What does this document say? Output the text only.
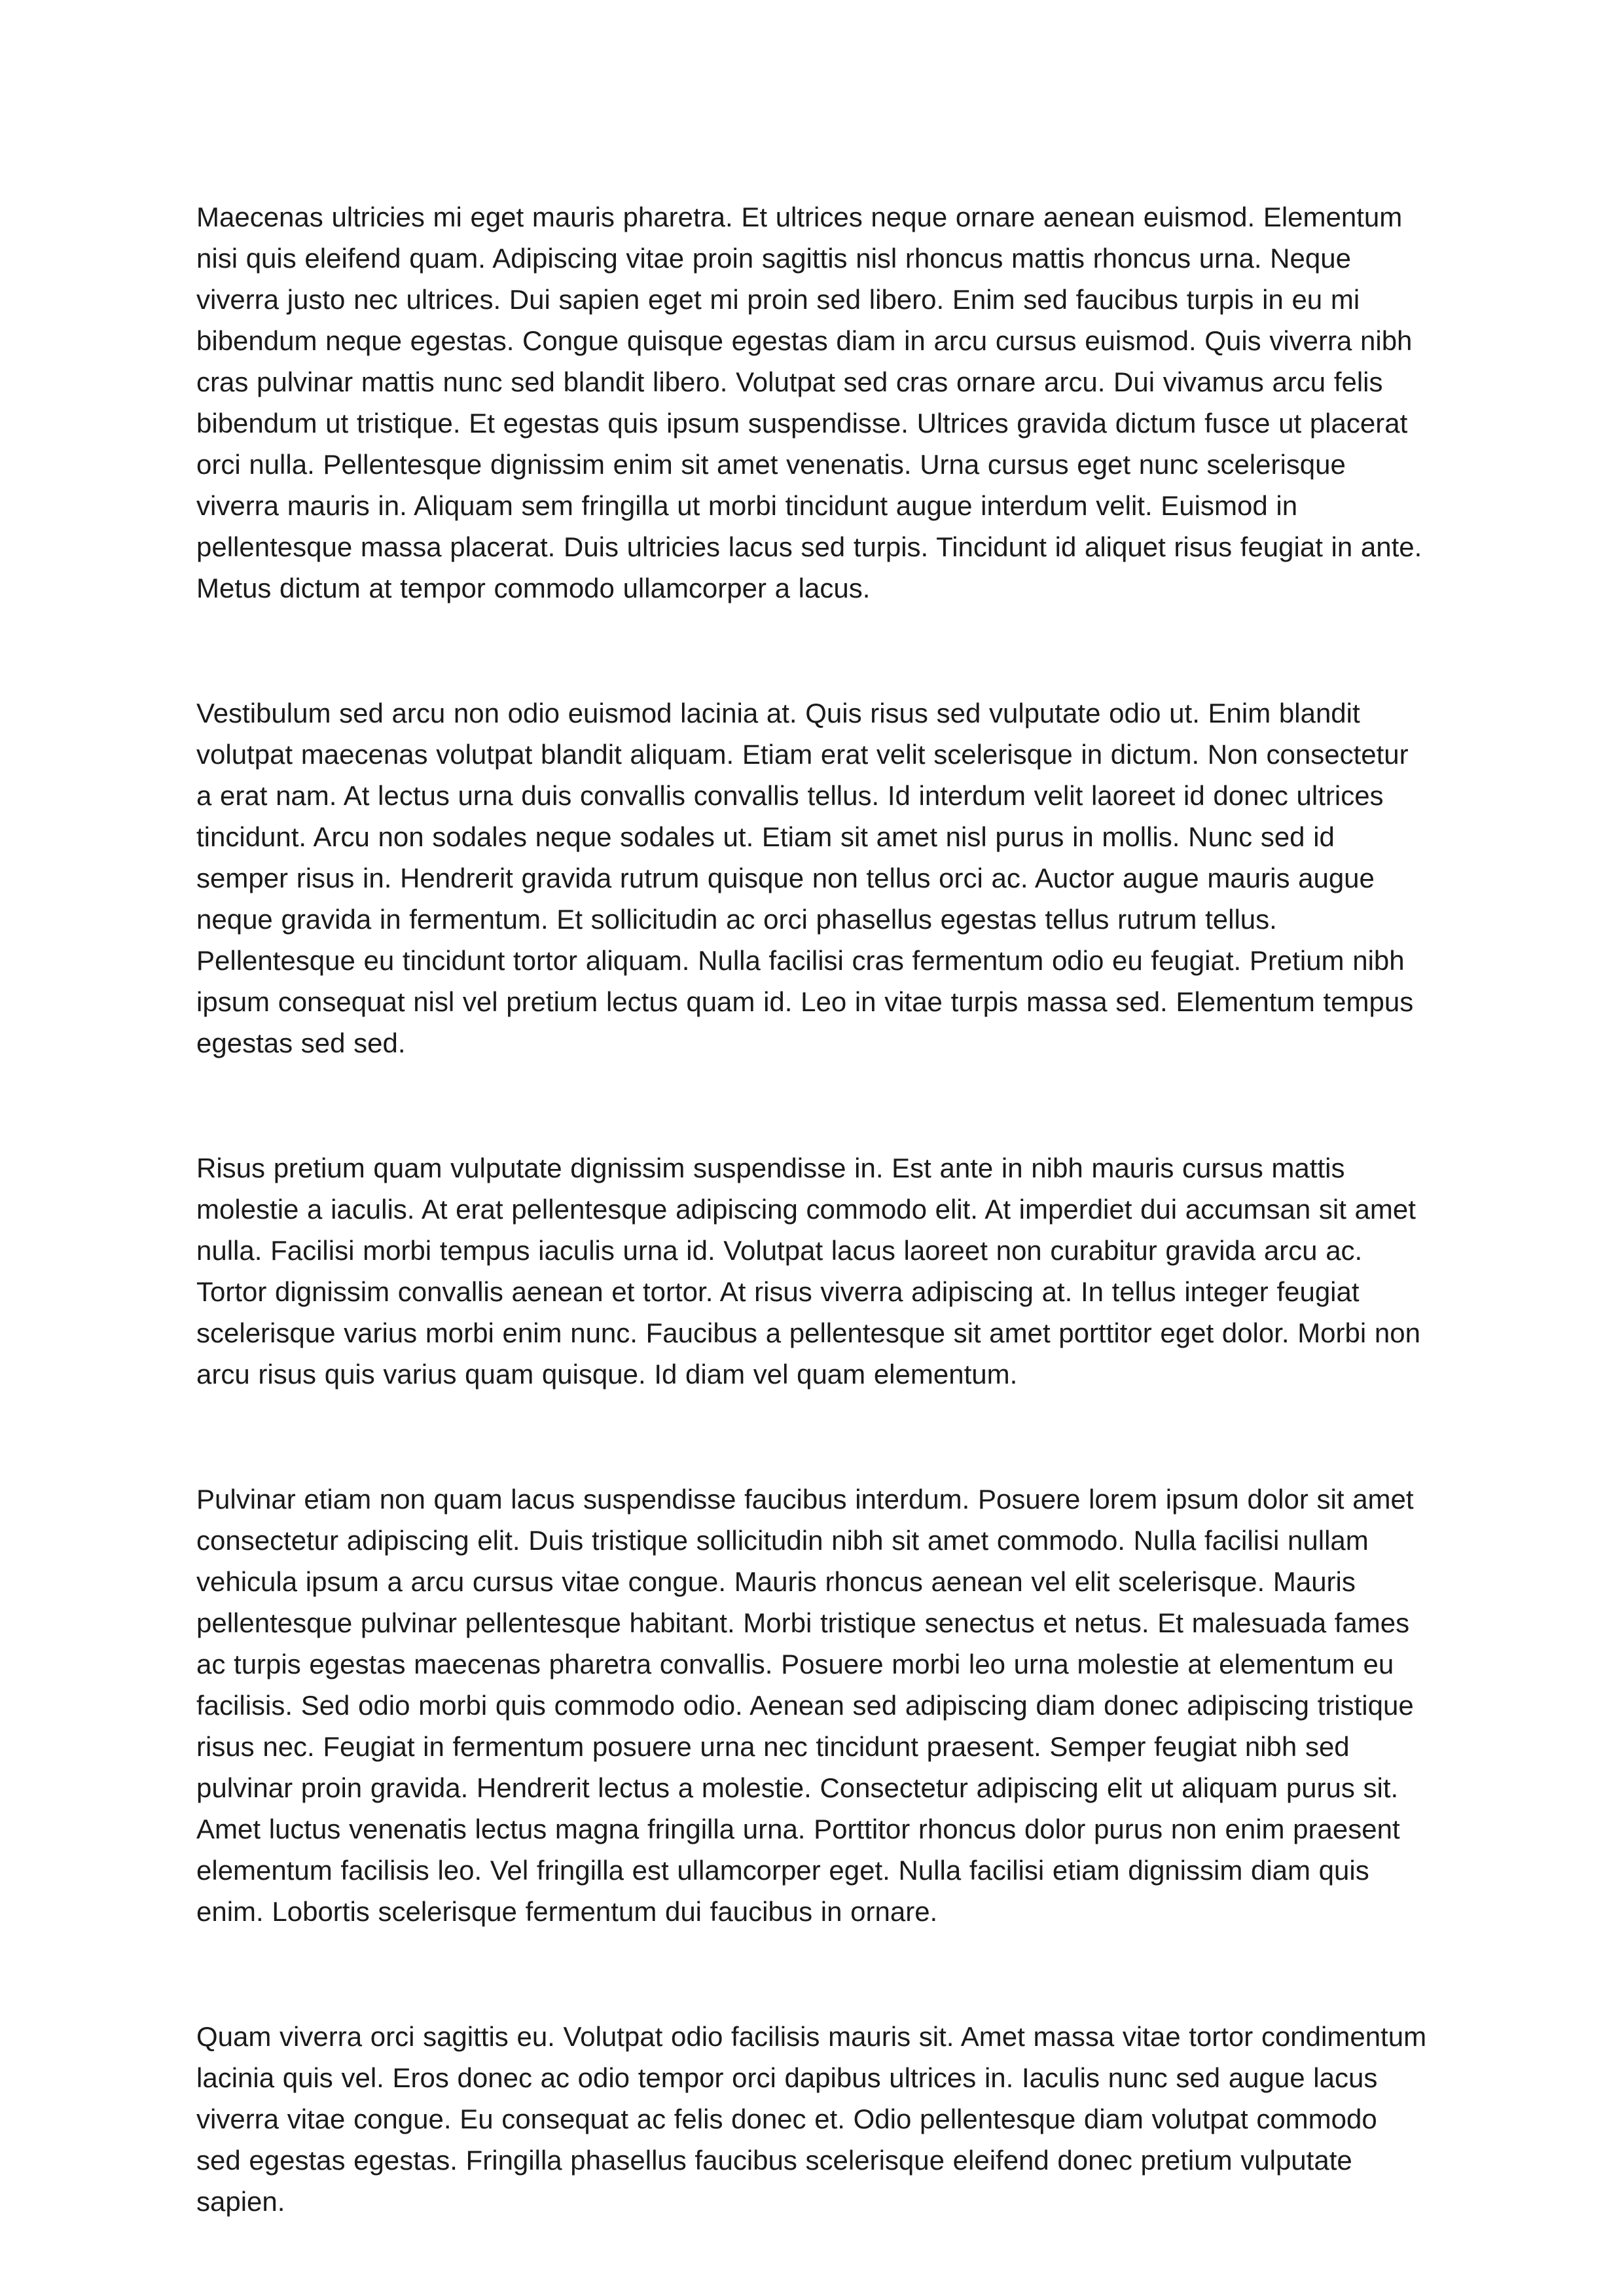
Maecenas ultricies mi eget mauris pharetra. Et ultrices neque ornare aenean euismod. Elementum nisi quis eleifend quam. Adipiscing vitae proin sagittis nisl rhoncus mattis rhoncus urna. Neque viverra justo nec ultrices. Dui sapien eget mi proin sed libero. Enim sed faucibus turpis in eu mi bibendum neque egestas. Congue quisque egestas diam in arcu cursus euismod. Quis viverra nibh cras pulvinar mattis nunc sed blandit libero. Volutpat sed cras ornare arcu. Dui vivamus arcu felis bibendum ut tristique. Et egestas quis ipsum suspendisse. Ultrices gravida dictum fusce ut placerat orci nulla. Pellentesque dignissim enim sit amet venenatis. Urna cursus eget nunc scelerisque viverra mauris in. Aliquam sem fringilla ut morbi tincidunt augue interdum velit. Euismod in pellentesque massa placerat. Duis ultricies lacus sed turpis. Tincidunt id aliquet risus feugiat in ante. Metus dictum at tempor commodo ullamcorper a lacus.

Vestibulum sed arcu non odio euismod lacinia at. Quis risus sed vulputate odio ut. Enim blandit volutpat maecenas volutpat blandit aliquam. Etiam erat velit scelerisque in dictum. Non consectetur a erat nam. At lectus urna duis convallis convallis tellus. Id interdum velit laoreet id donec ultrices tincidunt. Arcu non sodales neque sodales ut. Etiam sit amet nisl purus in mollis. Nunc sed id semper risus in. Hendrerit gravida rutrum quisque non tellus orci ac. Auctor augue mauris augue neque gravida in fermentum. Et sollicitudin ac orci phasellus egestas tellus rutrum tellus. Pellentesque eu tincidunt tortor aliquam. Nulla facilisi cras fermentum odio eu feugiat. Pretium nibh ipsum consequat nisl vel pretium lectus quam id. Leo in vitae turpis massa sed. Elementum tempus egestas sed sed.

Risus pretium quam vulputate dignissim suspendisse in. Est ante in nibh mauris cursus mattis molestie a iaculis. At erat pellentesque adipiscing commodo elit. At imperdiet dui accumsan sit amet nulla. Facilisi morbi tempus iaculis urna id. Volutpat lacus laoreet non curabitur gravida arcu ac. Tortor dignissim convallis aenean et tortor. At risus viverra adipiscing at. In tellus integer feugiat scelerisque varius morbi enim nunc. Faucibus a pellentesque sit amet porttitor eget dolor. Morbi non arcu risus quis varius quam quisque. Id diam vel quam elementum.

Pulvinar etiam non quam lacus suspendisse faucibus interdum. Posuere lorem ipsum dolor sit amet consectetur adipiscing elit. Duis tristique sollicitudin nibh sit amet commodo. Nulla facilisi nullam vehicula ipsum a arcu cursus vitae congue. Mauris rhoncus aenean vel elit scelerisque. Mauris pellentesque pulvinar pellentesque habitant. Morbi tristique senectus et netus. Et malesuada fames ac turpis egestas maecenas pharetra convallis. Posuere morbi leo urna molestie at elementum eu facilisis. Sed odio morbi quis commodo odio. Aenean sed adipiscing diam donec adipiscing tristique risus nec. Feugiat in fermentum posuere urna nec tincidunt praesent. Semper feugiat nibh sed pulvinar proin gravida. Hendrerit lectus a molestie. Consectetur adipiscing elit ut aliquam purus sit. Amet luctus venenatis lectus magna fringilla urna. Porttitor rhoncus dolor purus non enim praesent elementum facilisis leo. Vel fringilla est ullamcorper eget. Nulla facilisi etiam dignissim diam quis enim. Lobortis scelerisque fermentum dui faucibus in ornare.

Quam viverra orci sagittis eu. Volutpat odio facilisis mauris sit. Amet massa vitae tortor condimentum lacinia quis vel. Eros donec ac odio tempor orci dapibus ultrices in. Iaculis nunc sed augue lacus viverra vitae congue. Eu consequat ac felis donec et. Odio pellentesque diam volutpat commodo sed egestas egestas. Fringilla phasellus faucibus scelerisque eleifend donec pretium vulputate sapien.
